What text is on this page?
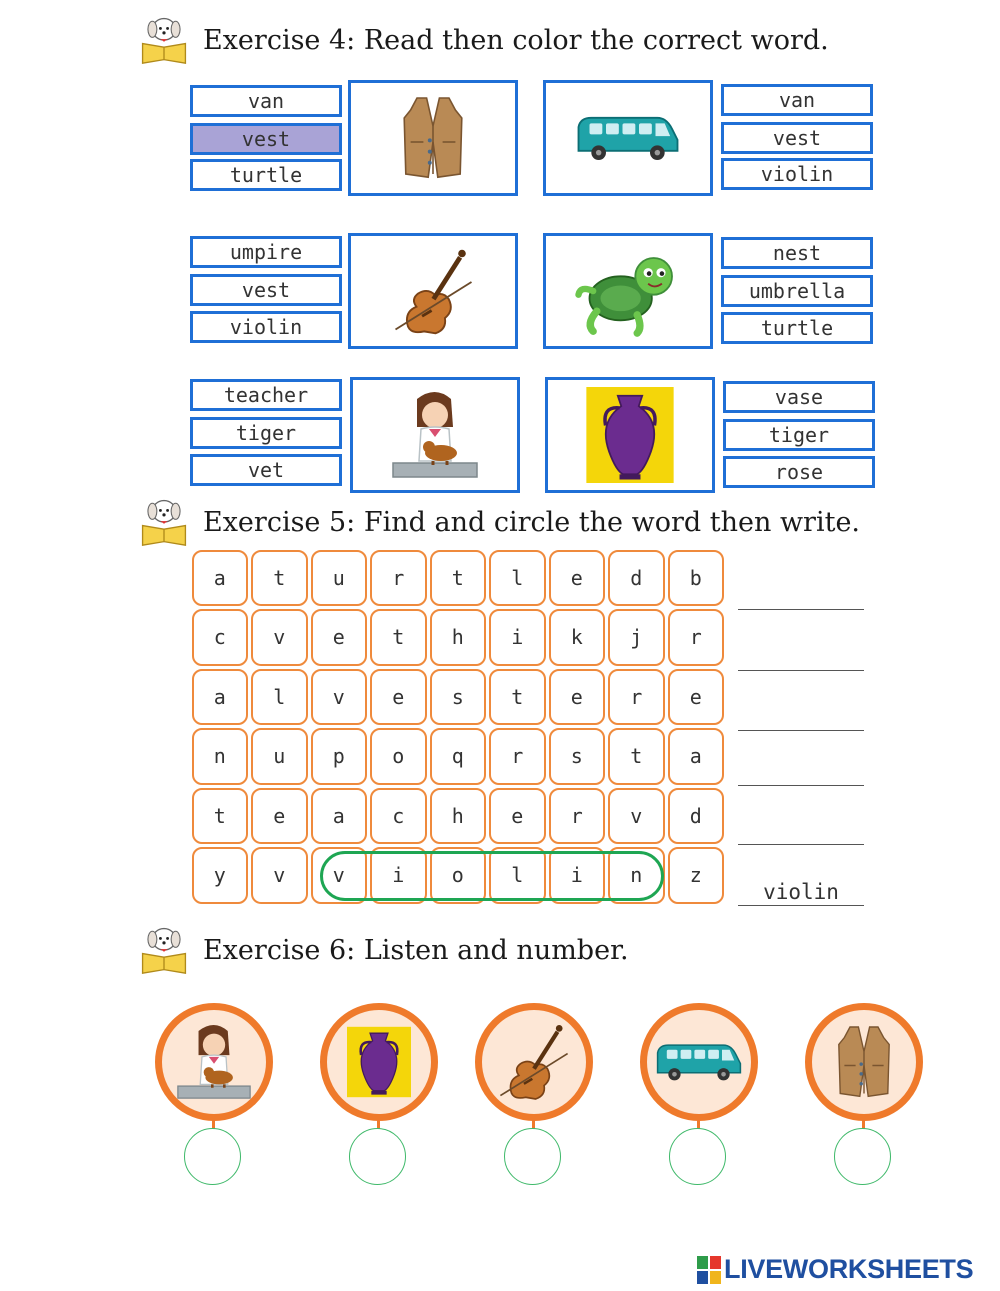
Exercise 4: Read then color the correct word.
van
vest
turtle
van
vest
violin
umpire
vest
violin
nest
umbrella
turtle
teacher
tiger
vet
vase
tiger
rose
Exercise 5: Find and circle the word then write.
a	t	u	r	t	l	e	d	b
c	v	e	t	h	i	k	j	r
a	l	v	e	s	t	e	r	e
n	u	p	o	q	r	s	t	a
t	e	a	c	h	e	r	v	d
y	v	v	i	o	l	i	n	z
violin
Exercise 6: Listen and number.
LIVEWORKSHEETS
